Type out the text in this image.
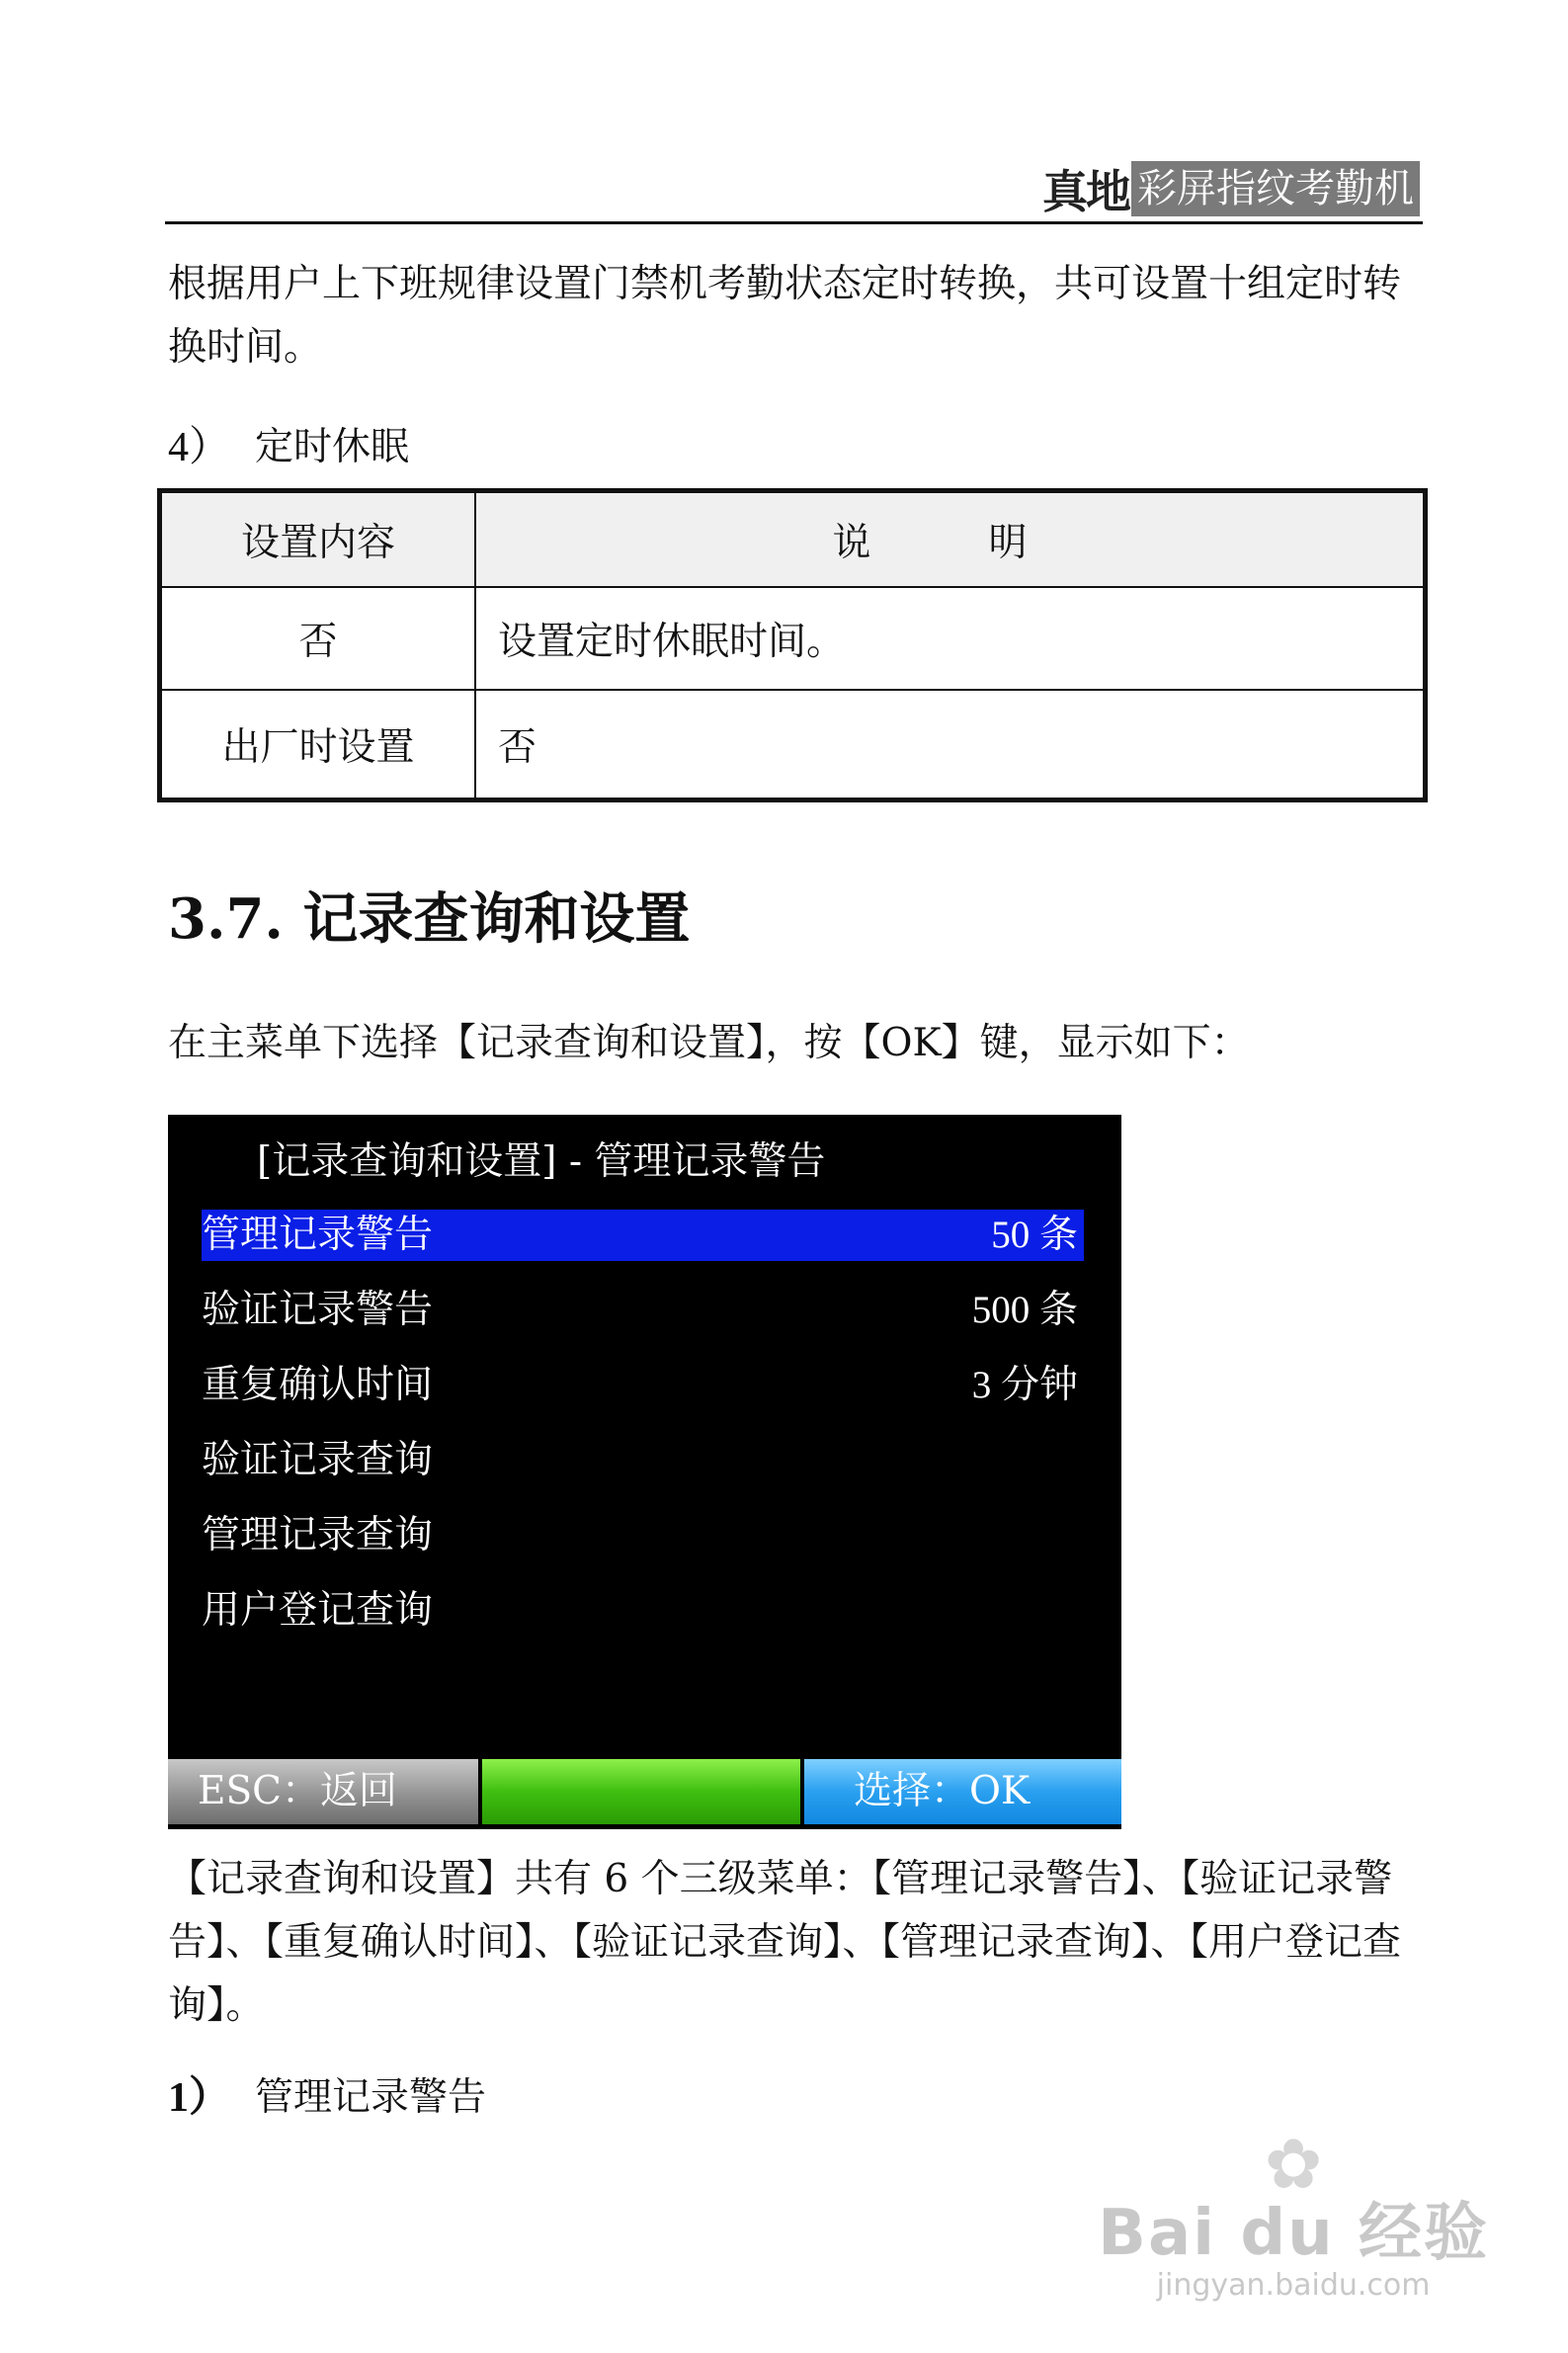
真地 彩屏指纹考勤机
根据用户上下班规律设置门禁机考勤状态定时转换，共可设置十组定时转换时间。
4） 定时休眠
设置内容	说　明
否	设置定时休眠时间。
出厂时设置	否
3.7. 记录查询和设置
在主菜单下选择【记录查询和设置】，按【OK】键，显示如下：
[记录查询和设置] - 管理记录警告
管理记录警告	50 条
验证记录警告	500 条
重复确认时间	3 分钟
验证记录查询
管理记录查询
用户登记查询
ESC：返回	选择：OK
【记录查询和设置】共有 6 个三级菜单：【管理记录警告】、【验证记录警告】、【重复确认时间】、【验证记录查询】、【管理记录查询】、【用户登记查询】。
1） 管理记录警告
✿
Bai du 经验
jingyan.baidu.com
